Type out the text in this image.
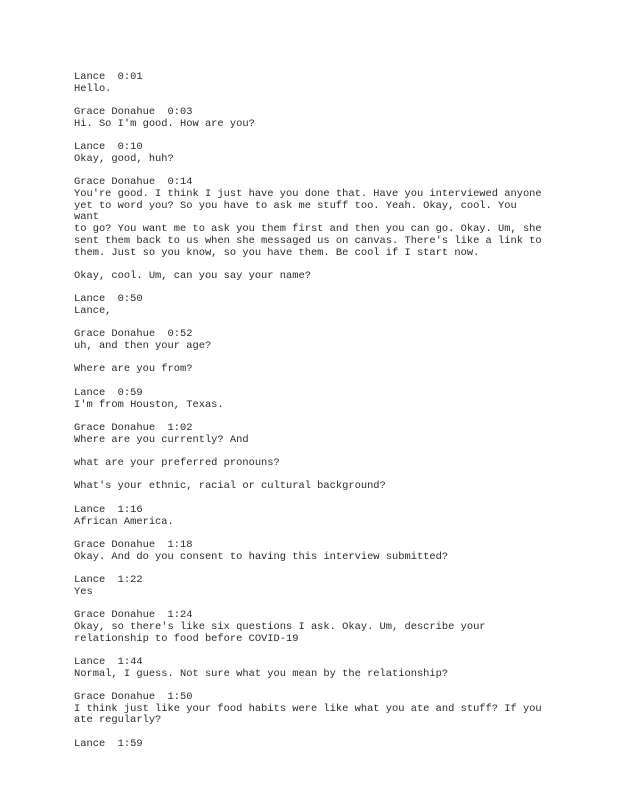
Lance 0:01
Hello.
Grace Donahue 0:03
Hi. So I'm good. How are you?
Lance 0:10
Okay, good, huh?
Grace Donahue 0:14
You're good. I think I just have you done that. Have you interviewed anyone
yet to word you? So you have to ask me stuff too. Yeah. Okay, cool. You want
to go? You want me to ask you them first and then you can go. Okay. Um, she
sent them back to us when she messaged us on canvas. There's like a link to
them. Just so you know, so you have them. Be cool if I start now.
Okay, cool. Um, can you say your name?
Lance 0:50
Lance,
Grace Donahue 0:52
uh, and then your age?
Where are you from?
Lance 0:59
I'm from Houston, Texas.
Grace Donahue 1:02
Where are you currently? And
what are your preferred pronouns?
What's your ethnic, racial or cultural background?
Lance 1:16
African America.
Grace Donahue 1:18
Okay. And do you consent to having this interview submitted?
Lance 1:22
Yes
Grace Donahue 1:24
Okay, so there's like six questions I ask. Okay. Um, describe your
relationship to food before COVID-19
Lance 1:44
Normal, I guess. Not sure what you mean by the relationship?
Grace Donahue 1:50
I think just like your food habits were like what you ate and stuff? If you
ate regularly?
Lance 1:59
